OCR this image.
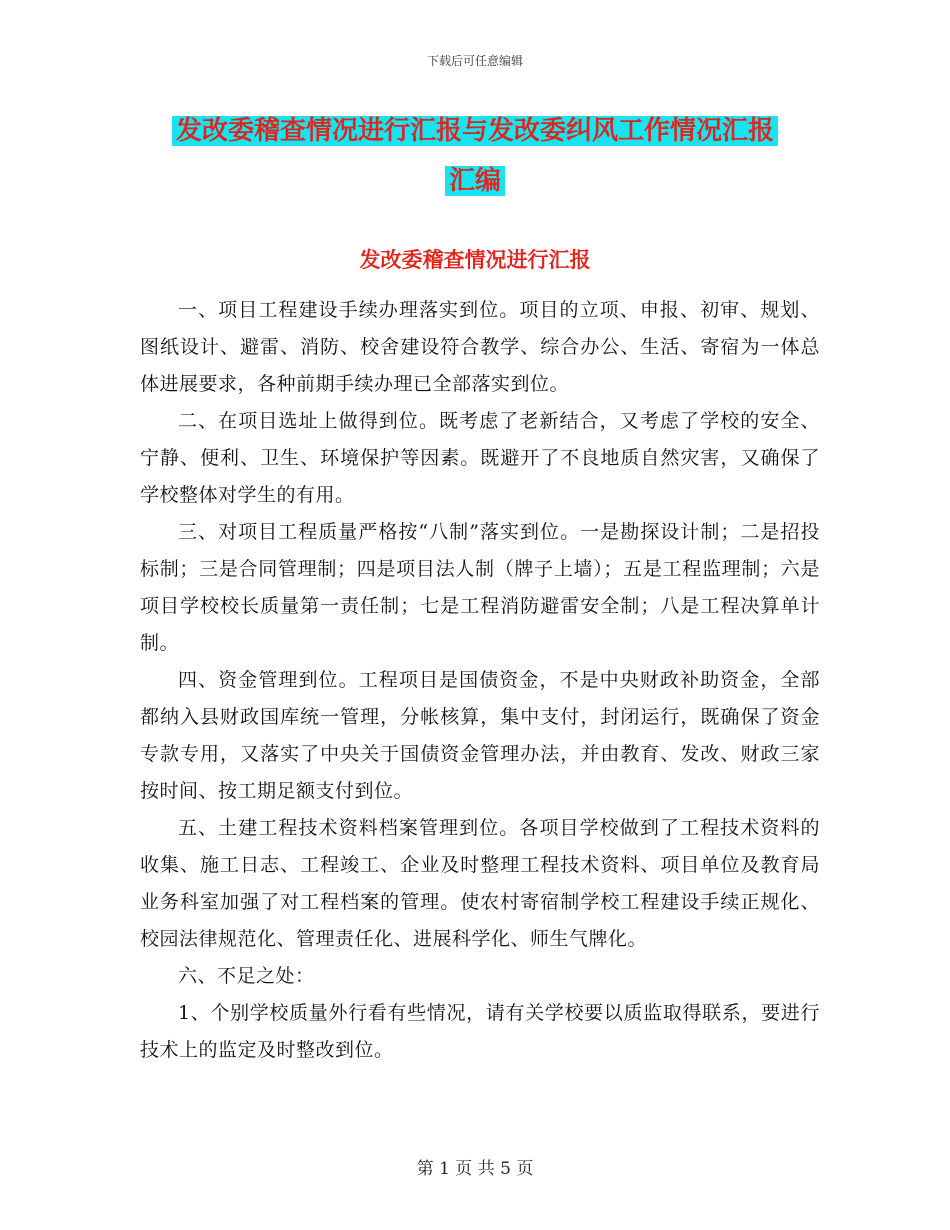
下载后可任意编辑
发改委稽查情况进行汇报与发改委纠风工作情况汇报
汇编
发改委稽查情况进行汇报

一、项目工程建设手续办理落实到位。项目的立项、申报、初审、规划、图纸设计、避雷、消防、校舍建设符合教学、综合办公、生活、寄宿为一体总体进展要求，各种前期手续办理已全部落实到位。

二、在项目选址上做得到位。既考虑了老新结合，又考虑了学校的安全、宁静、便利、卫生、环境保护等因素。既避开了不良地质自然灾害，又确保了学校整体对学生的有用。

三、对项目工程质量严格按“八制”落实到位。一是勘探设计制；二是招投标制；三是合同管理制；四是项目法人制（牌子上墙）；五是工程监理制；六是项目学校校长质量第一责任制；七是工程消防避雷安全制；八是工程决算单计制。

四、资金管理到位。工程项目是国债资金，不是中央财政补助资金，全部都纳入县财政国库统一管理，分帐核算，集中支付，封闭运行，既确保了资金专款专用，又落实了中央关于国债资金管理办法，并由教育、发改、财政三家按时间、按工期足额支付到位。

五、土建工程技术资料档案管理到位。各项目学校做到了工程技术资料的收集、施工日志、工程竣工、企业及时整理工程技术资料、项目单位及教育局业务科室加强了对工程档案的管理。使农村寄宿制学校工程建设手续正规化、校园法律规范化、管理责任化、进展科学化、师生气牌化。

六、不足之处：

1、个别学校质量外行看有些情况，请有关学校要以质监取得联系，要进行技术上的监定及时整改到位。

第 1 页 共 5 页
